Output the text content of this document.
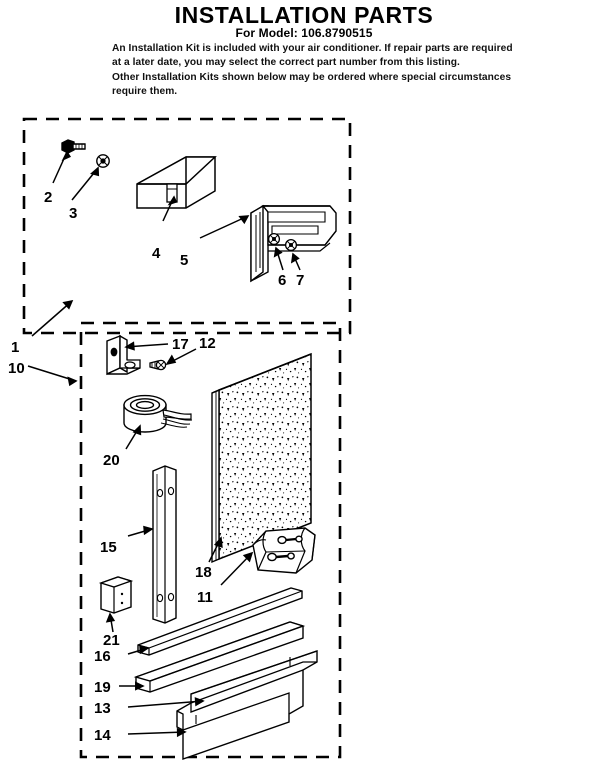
INSTALLATION PARTS
For Model: 106.8790515
An Installation Kit is included with your air conditioner. If repair parts are required
at a later date, you may select the correct part number from this listing.
Other Installation Kits shown below may be ordered where special circumstances
require them.
1
2
3
4 5
6 7
10
11
12
13
14
15
16
17
18
19
20
21
